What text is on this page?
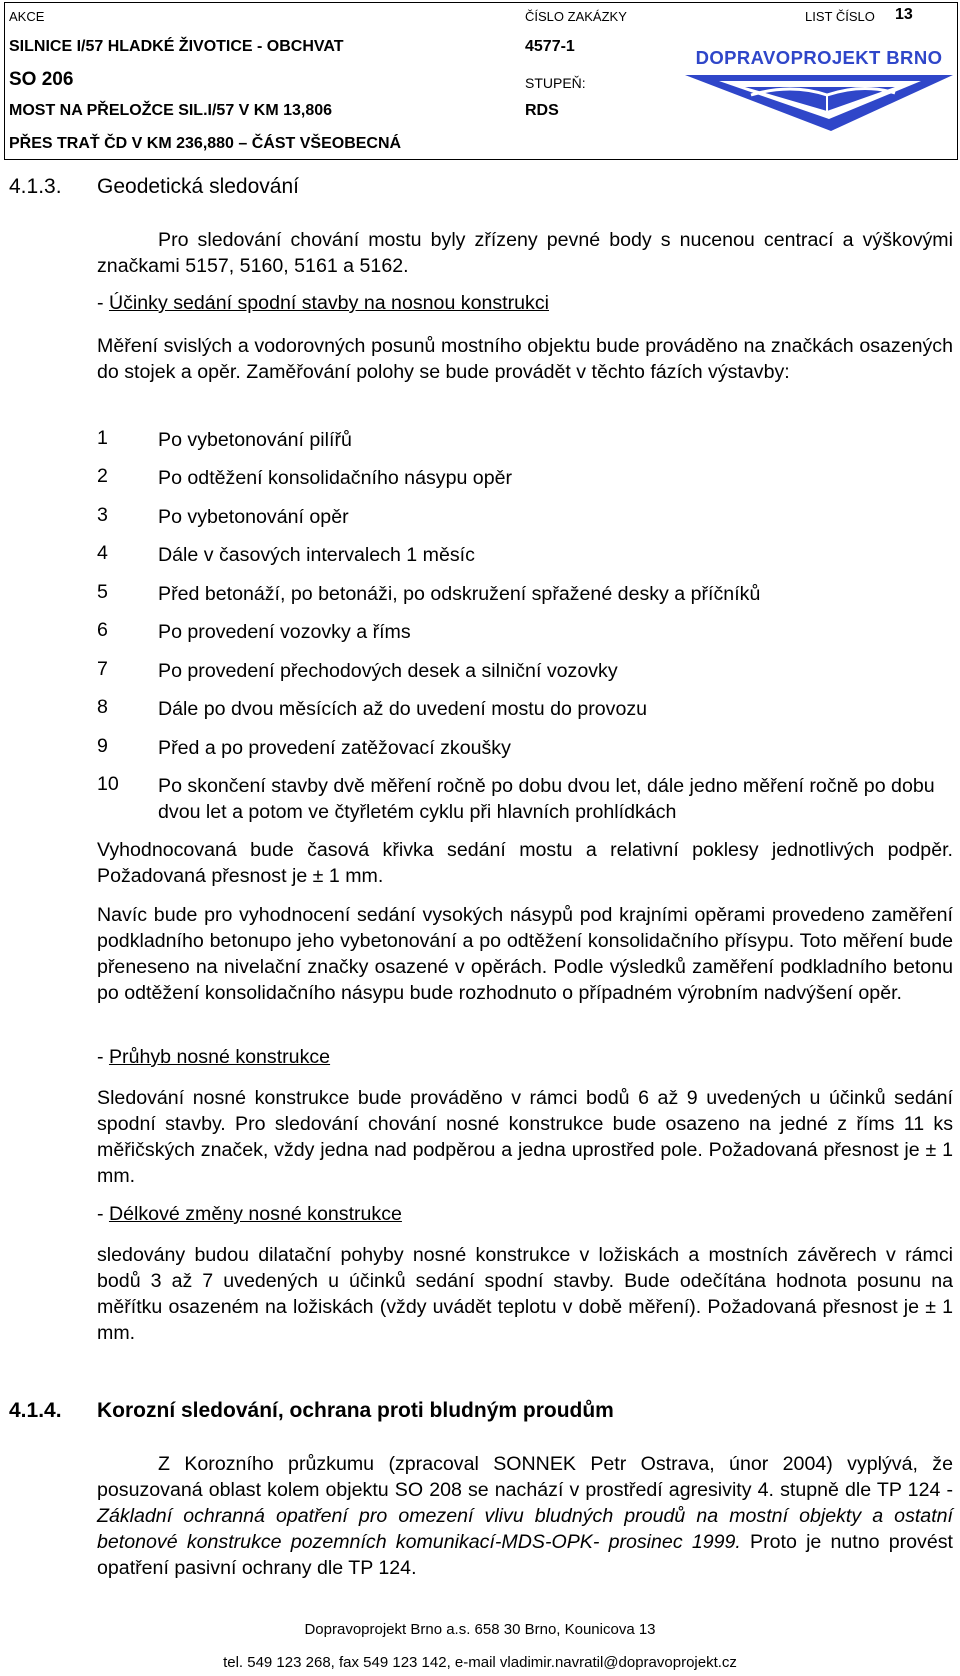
AKCE	ČÍSLO ZAKÁZKY	LIST ČÍSLO 13
SILNICE I/57 HLADKÉ ŽIVOTICE - OBCHVAT	4577-1
SO 206	STUPEŇ:
MOST NA PŘELOŽCE SIL.I/57 V KM 13,806	RDS
PŘES TRAŤ ČD V KM 236,880 – ČÁST VŠEOBECNÁ
DOPRAVOPROJEKT BRNO
4.1.3. Geodetická sledování
Pro sledování chování mostu byly zřízeny pevné body s nucenou centrací a výškovými značkami 5157, 5160, 5161 a 5162.
- Účinky sedání spodní stavby na nosnou konstrukci
Měření svislých a vodorovných posunů mostního objektu bude prováděno na značkách osazených do stojek a opěr. Zaměřování polohy se bude provádět v těchto fázích výstavby:
1	Po vybetonování pilířů
2	Po odtěžení konsolidačního násypu opěr
3	Po vybetonování opěr
4	Dále v časových intervalech 1 měsíc
5	Před betonáží, po betonáži, po odskružení spřažené desky a příčníků
6	Po provedení vozovky a říms
7	Po provedení přechodových desek a silniční vozovky
8	Dále po dvou měsících až do uvedení mostu do provozu
9	Před a po provedení zatěžovací zkoušky
10 Po skončení stavby dvě měření ročně po dobu dvou let, dále jedno měření ročně po dobu dvou let a potom ve čtyřletém cyklu při hlavních prohlídkách
Vyhodnocovaná bude časová křivka sedání mostu a relativní poklesy jednotlivých podpěr. Požadovaná přesnost je ± 1 mm.
Navíc bude pro vyhodnocení sedání vysokých násypů pod krajními opěrami provedeno zaměření podkladního betonupo jeho vybetonování a po odtěžení konsolidačního přísypu. Toto měření bude přeneseno na nivelační značky osazené v opěrách. Podle výsledků zaměření podkladního betonu po odtěžení konsolidačního násypu bude rozhodnuto o případném výrobním nadvýšení opěr.
- Průhyb nosné konstrukce
Sledování nosné konstrukce bude prováděno v rámci bodů 6 až 9 uvedených u účinků sedání spodní stavby. Pro sledování chování nosné konstrukce bude osazeno na jedné z říms 11 ks měřičských značek, vždy jedna nad podpěrou a jedna uprostřed pole. Požadovaná přesnost je ± 1 mm.
- Délkové změny nosné konstrukce
sledovány budou dilatační pohyby nosné konstrukce v ložiskách a mostních závěrech v rámci bodů 3 až 7 uvedených u účinků sedání spodní stavby. Bude odečítána hodnota posunu na měřítku osazeném na ložiskách (vždy uvádět teplotu v době měření). Požadovaná přesnost je ± 1 mm.
4.1.4. Korozní sledování, ochrana proti bludným proudům
Z Korozního průzkumu (zpracoval SONNEK Petr Ostrava, únor 2004) vyplývá, že posuzovaná oblast kolem objektu SO 208 se nachází v prostředí agresivity 4. stupně dle TP 124 - Základní ochranná opatření pro omezení vlivu bludných proudů na mostní objekty a ostatní betonové konstrukce pozemních komunikací-MDS-OPK- prosinec 1999. Proto je nutno provést opatření pasivní ochrany dle TP 124.
Dopravoprojekt Brno a.s. 658 30 Brno, Kounicova 13
tel. 549 123 268, fax 549 123 142, e-mail vladimir.navratil@dopravoprojekt.cz
